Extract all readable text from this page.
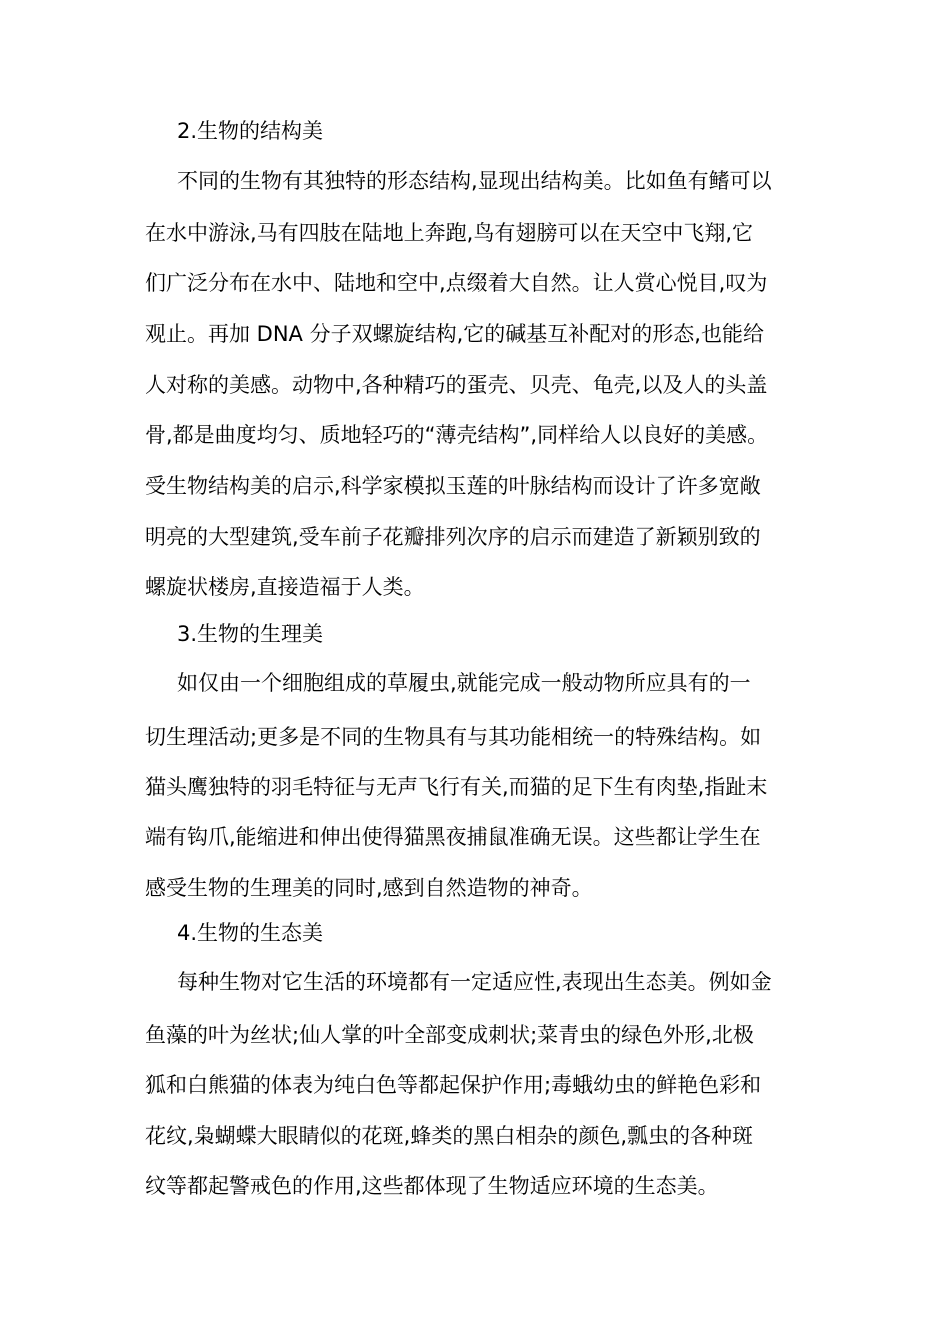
2.生物的结构美
不同的生物有其独特的形态结构,显现出结构美。比如鱼有鳍可以
在水中游泳,马有四肢在陆地上奔跑,鸟有翅膀可以在天空中飞翔,它
们广泛分布在水中、陆地和空中,点缀着大自然。让人赏心悦目,叹为
观止。再加 DNA 分子双螺旋结构,它的碱基互补配对的形态,也能给
人对称的美感。动物中,各种精巧的蛋壳、贝壳、龟壳,以及人的头盖
骨,都是曲度均匀、质地轻巧的“薄壳结构”,同样给人以良好的美感。
受生物结构美的启示,科学家模拟玉莲的叶脉结构而设计了许多宽敞
明亮的大型建筑,受车前子花瓣排列次序的启示而建造了新颖别致的
螺旋状楼房,直接造福于人类。
3.生物的生理美
如仅由一个细胞组成的草履虫,就能完成一般动物所应具有的一
切生理活动;更多是不同的生物具有与其功能相统一的特殊结构。如
猫头鹰独特的羽毛特征与无声飞行有关,而猫的足下生有肉垫,指趾末
端有钩爪,能缩进和伸出使得猫黑夜捕鼠准确无误。这些都让学生在
感受生物的生理美的同时,感到自然造物的神奇。
4.生物的生态美
每种生物对它生活的环境都有一定适应性,表现出生态美。例如金
鱼藻的叶为丝状;仙人掌的叶全部变成刺状;菜青虫的绿色外形,北极
狐和白熊猫的体表为纯白色等都起保护作用;毒蛾幼虫的鲜艳色彩和
花纹,枭蝴蝶大眼睛似的花斑,蜂类的黑白相杂的颜色,瓢虫的各种斑
纹等都起警戒色的作用,这些都体现了生物适应环境的生态美。
